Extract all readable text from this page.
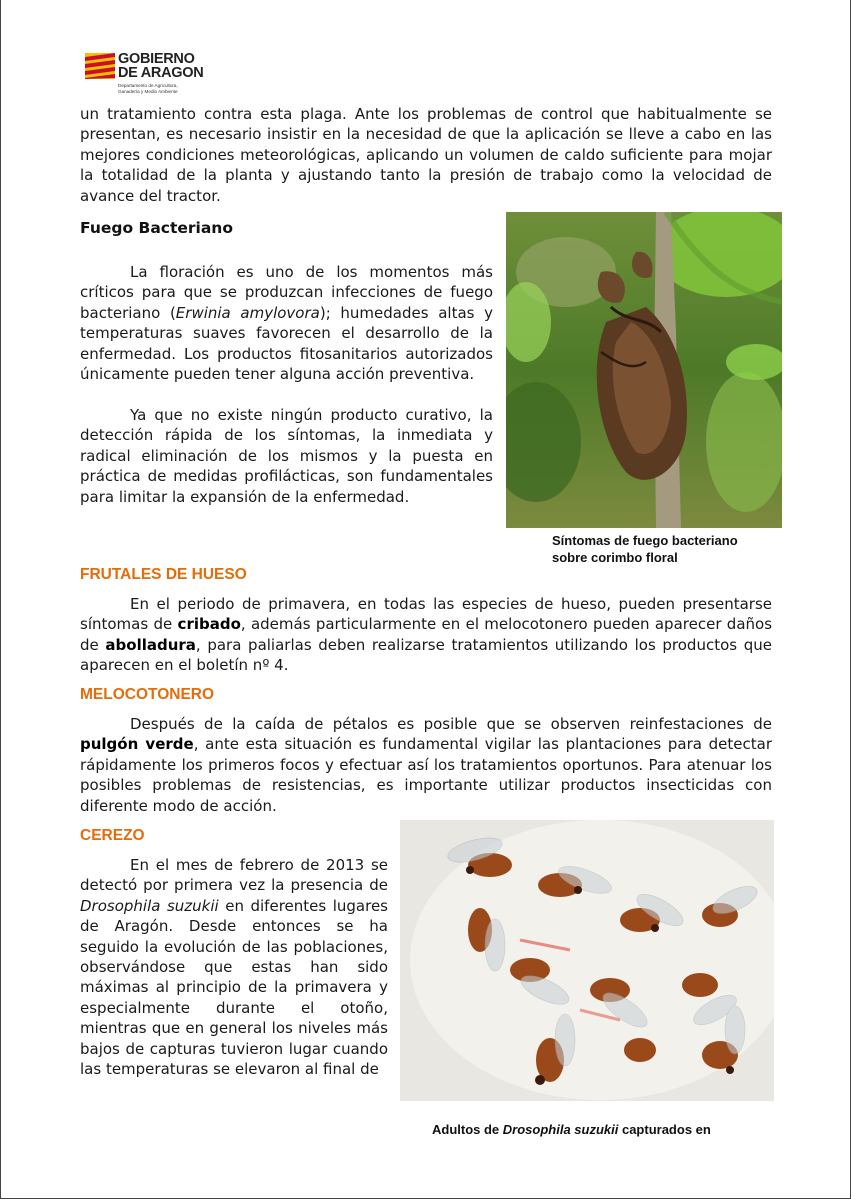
GOBIERNO
DE ARAGON
Departamento de Agricultura,
Ganadería y Medio Ambiente

un tratamiento contra esta plaga. Ante los problemas de control que habitualmente se presentan, es necesario insistir en la necesidad de que la aplicación se lleve a cabo en las mejores condiciones meteorológicas, aplicando un volumen de caldo suficiente para mojar la totalidad de la planta y ajustando tanto la presión de trabajo como la velocidad de avance del tractor.

Fuego Bacteriano

La floración es uno de los momentos más críticos para que se produzcan infecciones de fuego bacteriano (Erwinia amylovora); humedades altas y temperaturas suaves favorecen el desarrollo de la enfermedad. Los productos fitosanitarios autorizados únicamente pueden tener alguna acción preventiva.

Ya que no existe ningún producto curativo, la detección rápida de los síntomas, la inmediata y radical eliminación de los mismos y la puesta en práctica de medidas profilácticas, son fundamentales para limitar la expansión de la enfermedad.

Síntomas de fuego bacteriano
sobre corimbo floral
FRUTALES DE HUESO

En el periodo de primavera, en todas las especies de hueso, pueden presentarse síntomas de cribado, además particularmente en el melocotonero pueden aparecer daños de abolladura, para paliarlas deben realizarse tratamientos utilizando los productos que aparecen en el boletín nº 4.

MELOCOTONERO

Después de la caída de pétalos es posible que se observen reinfestaciones de pulgón verde, ante esta situación es fundamental vigilar las plantaciones para detectar rápidamente los primeros focos y efectuar así los tratamientos oportunos. Para atenuar los posibles problemas de resistencias, es importante utilizar productos insecticidas con diferente modo de acción.

CEREZO

En el mes de febrero de 2013 se detectó por primera vez la presencia de Drosophila suzukii en diferentes lugares de Aragón. Desde entonces se ha seguido la evolución de las poblaciones, observándose que estas han sido máximas al principio de la primavera y especialmente durante el otoño, mientras que en general los niveles más bajos de capturas tuvieron lugar cuando las temperaturas se elevaron al final de

Adultos de Drosophila suzukii capturados en
